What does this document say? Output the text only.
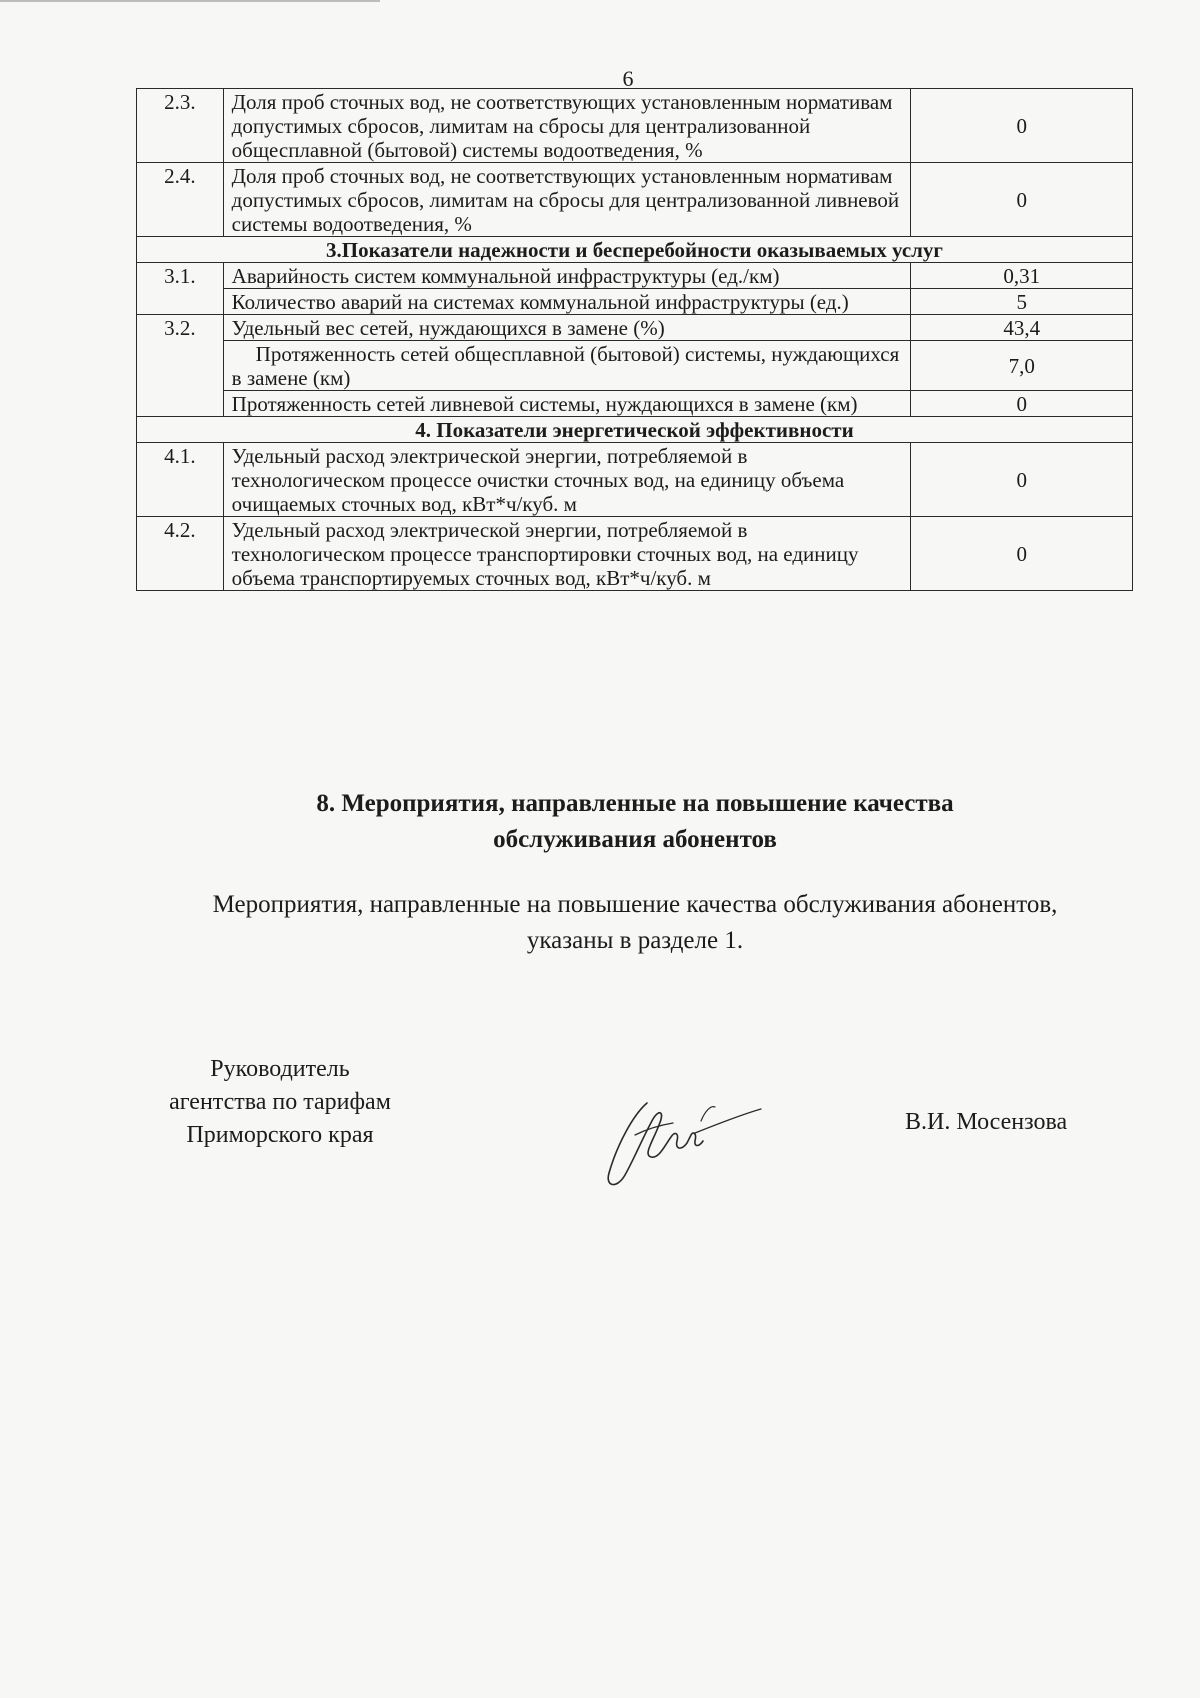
6
2.3.	Доля проб сточных вод, не соответствующих установленным нормативам допустимых сбросов, лимитам на сбросы для централизованной общесплавной (бытовой) системы водоотведения, %	0
2.4.	Доля проб сточных вод, не соответствующих установленным нормативам допустимых сбросов, лимитам на сбросы для централизованной ливневой системы водоотведения, %	0
3.Показатели надежности и бесперебойности оказываемых услуг		
3.1.	Аварийность систем коммунальной инфраструктуры (ед./км)	0,31
	Количество аварий на системах коммунальной инфраструктуры (ед.)	5
3.2.	Удельный вес сетей, нуждающихся в замене (%)	43,4
	Протяженность сетей общесплавной (бытовой) системы, нуждающихся в замене (км)	7,0
	Протяженность сетей ливневой системы, нуждающихся в замене (км)	0
4. Показатели энергетической эффективности		
4.1.	Удельный расход электрической энергии, потребляемой в технологическом процессе очистки сточных вод, на единицу объема очищаемых сточных вод, кВт*ч/куб. м	0
4.2.	Удельный расход электрической энергии, потребляемой в технологическом процессе транспортировки сточных вод, на единицу объема транспортируемых сточных вод, кВт*ч/куб. м	0
8. Мероприятия, направленные на повышение качества
обслуживания абонентов
Мероприятия, направленные на повышение качества обслуживания абонентов,
указаны в разделе 1.
Руководитель
агентства по тарифам
Приморского края	В.И. Мосензова
